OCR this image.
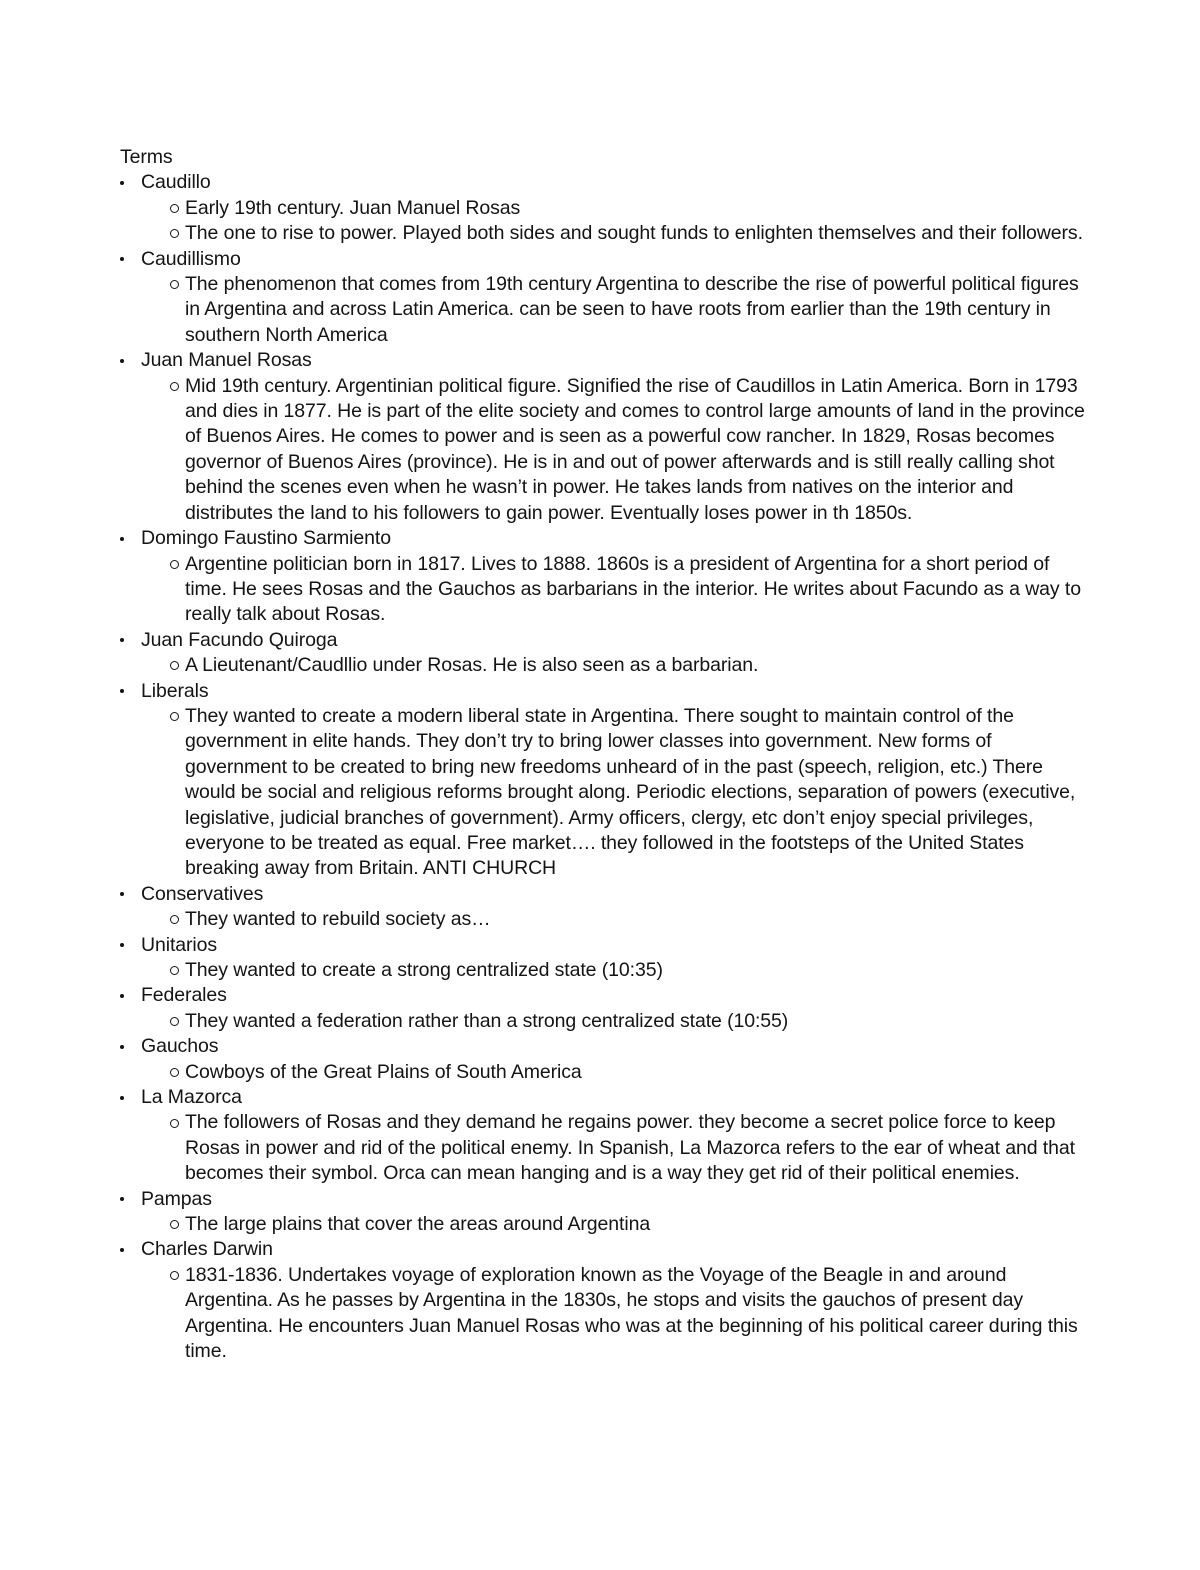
Terms
Caudillo
Early 19th century. Juan Manuel Rosas
The one to rise to power. Played both sides and sought funds to enlighten themselves and their followers.
Caudillismo
The phenomenon that comes from 19th century Argentina to describe the rise of powerful political figures in Argentina and across Latin America. can be seen to have roots from earlier than the 19th century in southern North America
Juan Manuel Rosas
Mid 19th century. Argentinian political figure. Signified the rise of Caudillos in Latin America. Born in 1793 and dies in 1877. He is part of the elite society and comes to control large amounts of land in the province of Buenos Aires. He comes to power and is seen as a powerful cow rancher. In 1829, Rosas becomes governor of Buenos Aires (province). He is in and out of power afterwards and is still really calling shot behind the scenes even when he wasn’t in power. He takes lands from natives on the interior and distributes the land to his followers to gain power. Eventually loses power in th 1850s.
Domingo Faustino Sarmiento
Argentine politician born in 1817. Lives to 1888. 1860s is a president of Argentina for a short period of time. He sees Rosas and the Gauchos as barbarians in the interior. He writes about Facundo as a way to really talk about Rosas.
Juan Facundo Quiroga
A Lieutenant/Caudllio under Rosas. He is also seen as a barbarian.
Liberals
They wanted to create a modern liberal state in Argentina. There sought to maintain control of the government in elite hands. They don’t try to bring lower classes into government. New forms of government to be created to bring new freedoms unheard of in the past (speech, religion, etc.) There would be social and religious reforms brought along. Periodic elections, separation of powers (executive, legislative, judicial branches of government). Army officers, clergy, etc don’t enjoy special privileges, everyone to be treated as equal. Free market…. they followed in the footsteps of the United States breaking away from Britain. ANTI CHURCH
Conservatives
They wanted to rebuild society as…
Unitarios
They wanted to create a strong centralized state (10:35)
Federales
They wanted a federation rather than a strong centralized state (10:55)
Gauchos
Cowboys of the Great Plains of South America
La Mazorca
The followers of Rosas and they demand he regains power. they become a secret police force to keep Rosas in power and rid of the political enemy. In Spanish, La Mazorca refers to the ear of wheat and that becomes their symbol. Orca can mean hanging and is a way they get rid of their political enemies.
Pampas
The large plains that cover the areas around Argentina
Charles Darwin
1831-1836. Undertakes voyage of exploration known as the Voyage of the Beagle in and around Argentina. As he passes by Argentina in the 1830s, he stops and visits the gauchos of present day Argentina. He encounters Juan Manuel Rosas who was at the beginning of his political career during this time.
